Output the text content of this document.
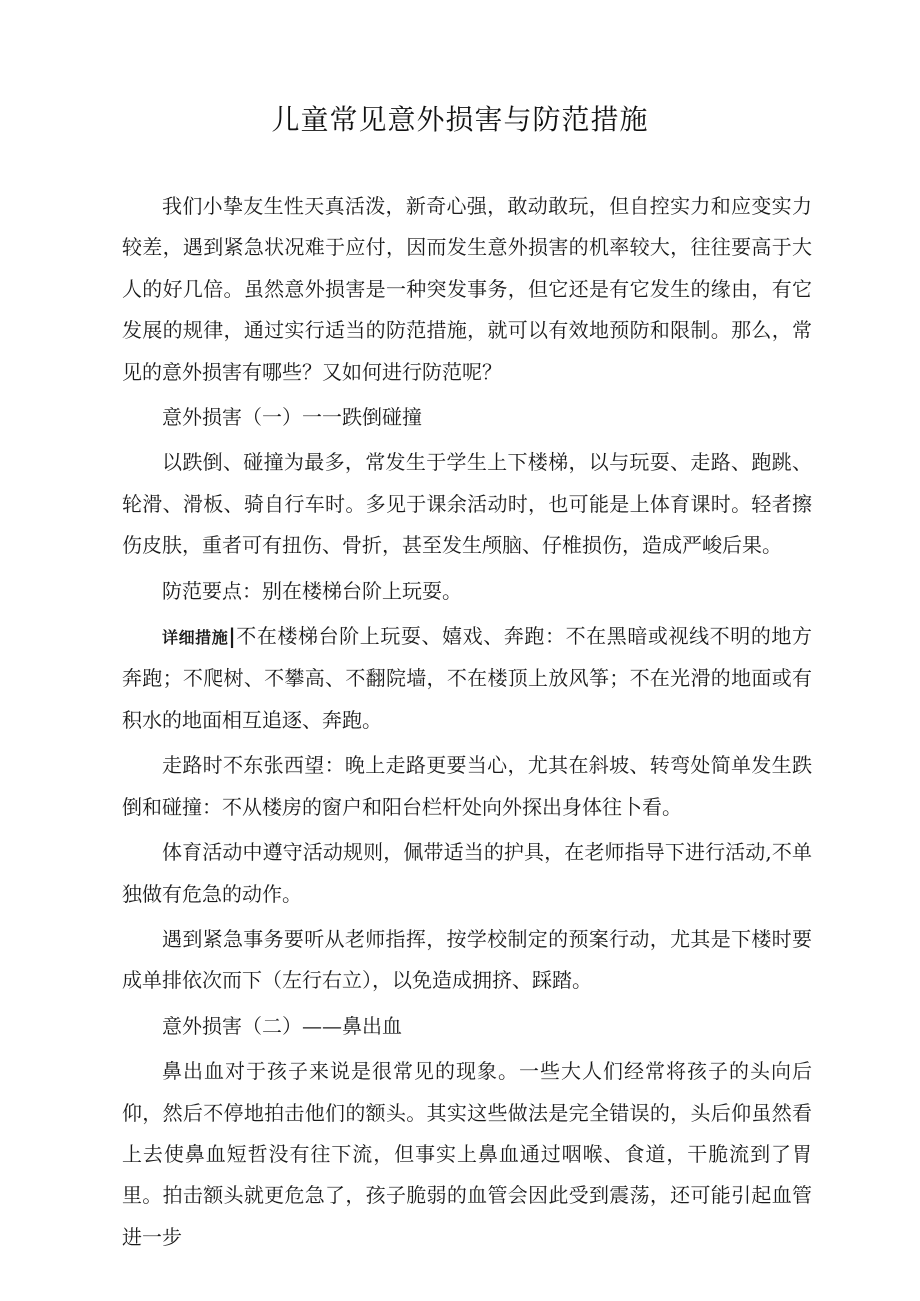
儿童常见意外损害与防范措施

我们小挚友生性天真活泼，新奇心强，敢动敢玩，但自控实力和应变实力较差，遇到紧急状况难于应付，因而发生意外损害的机率较大，往往要高于大人的好几倍。虽然意外损害是一种突发事务，但它还是有它发生的缘由，有它发展的规律，通过实行适当的防范措施，就可以有效地预防和限制。那么，常见的意外损害有哪些？又如何进行防范呢？

意外损害（一）一一跌倒碰撞

以跌倒、碰撞为最多，常发生于学生上下楼梯，以与玩耍、走路、跑跳、轮滑、滑板、骑自行车时。多见于课余活动时，也可能是上体育课时。轻者擦伤皮肤，重者可有扭伤、骨折，甚至发生颅脑、仔椎损伤，造成严峻后果。

防范要点：别在楼梯台阶上玩耍。

详细措施|不在楼梯台阶上玩耍、嬉戏、奔跑：不在黑暗或视线不明的地方奔跑；不爬树、不攀高、不翻院墙，不在楼顶上放风筝；不在光滑的地面或有积水的地面相互追逐、奔跑。

走路时不东张西望：晚上走路更要当心，尤其在斜坡、转弯处简单发生跌倒和碰撞：不从楼房的窗户和阳台栏杆处向外探出身体往卜看。

体育活动中遵守活动规则，佩带适当的护具，在老师指导下进行活动,不单独做有危急的动作。

遇到紧急事务要听从老师指挥，按学校制定的预案行动，尤其是下楼时要成单排依次而下（左行右立），以免造成拥挤、踩踏。

意外损害（二）——鼻出血

鼻出血对于孩子来说是很常见的现象。一些大人们经常将孩子的头向后仰，然后不停地拍击他们的额头。其实这些做法是完全错误的，头后仰虽然看上去使鼻血短哲没有往下流，但事实上鼻血通过咽喉、食道，干脆流到了胃里。拍击额头就更危急了，孩子脆弱的血管会因此受到震荡，还可能引起血管进一步
